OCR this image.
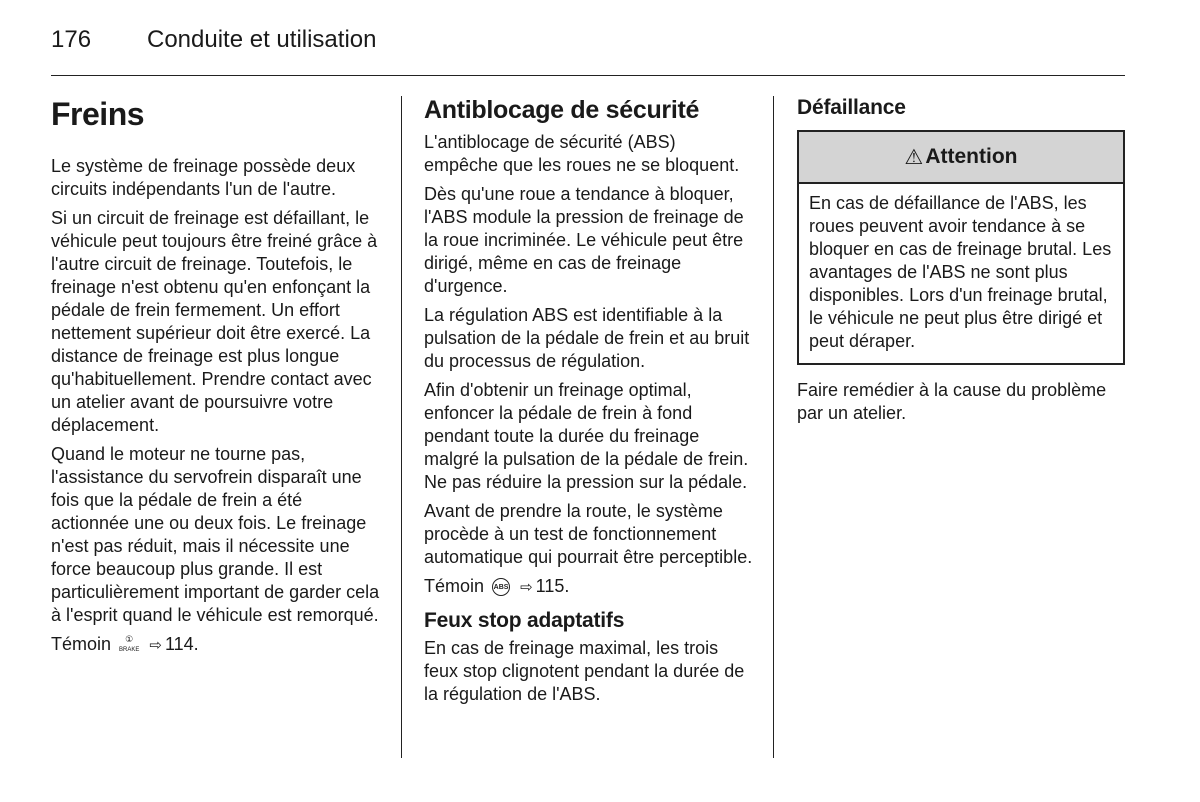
176	Conduite et utilisation
Freins

Le système de freinage possède deux circuits indépendants l'un de l'autre.

Si un circuit de freinage est défaillant, le véhicule peut toujours être freiné grâce à l'autre circuit de freinage. Toutefois, le freinage n'est obtenu qu'en enfonçant la pédale de frein fermement. Un effort nettement supérieur doit être exercé. La distance de freinage est plus longue qu'habituellement. Prendre contact avec un atelier avant de poursuivre votre déplacement.

Quand le moteur ne tourne pas, l'assistance du servofrein disparaît une fois que la pédale de frein a été actionnée une ou deux fois. Le freinage n'est pas réduit, mais il nécessite une force beaucoup plus grande. Il est particulièrement important de garder cela à l'esprit quand le véhicule est remorqué.

Témoin ①
BRAKE ⇨ 114.

Antiblocage de sécurité

L'antiblocage de sécurité (ABS) empêche que les roues ne se bloquent.

Dès qu'une roue a tendance à bloquer, l'ABS module la pression de freinage de la roue incriminée. Le véhicule peut être dirigé, même en cas de freinage d'urgence.

La régulation ABS est identifiable à la pulsation de la pédale de frein et au bruit du processus de régulation.

Afin d'obtenir un freinage optimal, enfoncer la pédale de frein à fond pendant toute la durée du freinage malgré la pulsation de la pédale de frein. Ne pas réduire la pression sur la pédale.

Avant de prendre la route, le système procède à un test de fonctionnement automatique qui pourrait être perceptible.

Témoin ABS ⇨ 115.

Feux stop adaptatifs

En cas de freinage maximal, les trois feux stop clignotent pendant la durée de la régulation de l'ABS.

Défaillance
⚠ Attention

En cas de défaillance de l'ABS, les roues peuvent avoir tendance à se bloquer en cas de freinage brutal. Les avantages de l'ABS ne sont plus disponibles. Lors d'un freinage brutal, le véhicule ne peut plus être dirigé et peut déraper.

Faire remédier à la cause du problème par un atelier.
